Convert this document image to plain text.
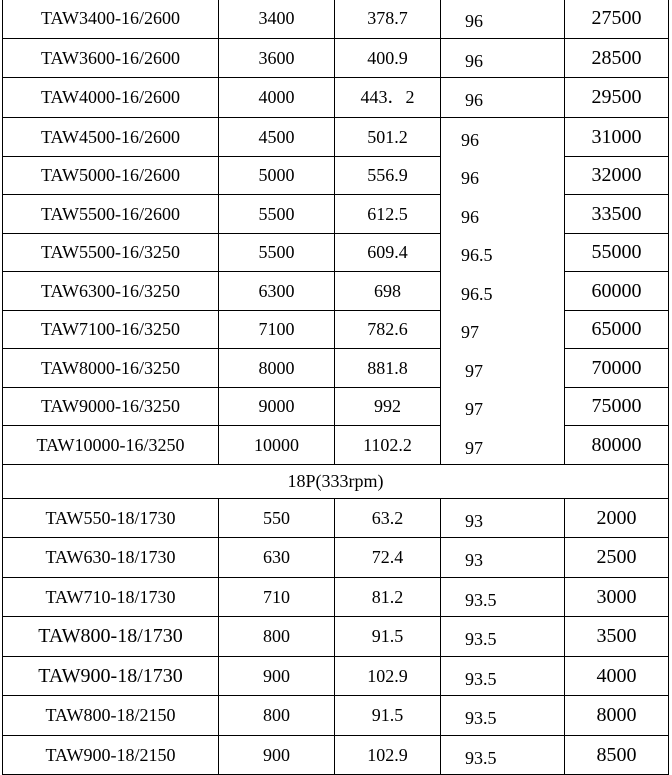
TAW3400-16/2600	3400	378.7	96	27500
TAW3600-16/2600	3600	400.9	96	28500
TAW4000-16/2600	4000	443．2	96	29500
TAW4500-16/2600	4500	501.2	96	31000
TAW5000-16/2600	5000	556.9	96	32000
TAW5500-16/2600	5500	612.5	96	33500
TAW5500-16/3250	5500	609.4	96.5	55000
TAW6300-16/3250	6300	698	96.5	60000
TAW7100-16/3250	7100	782.6	97	65000
TAW8000-16/3250	8000	881.8	97	70000
TAW9000-16/3250	9000	992	97	75000
TAW10000-16/3250	10000	1102.2	97	80000
18P(333rpm)				
TAW550-18/1730	550	63.2	93	2000
TAW630-18/1730	630	72.4	93	2500
TAW710-18/1730	710	81.2	93.5	3000
TAW800-18/1730	800	91.5	93.5	3500
TAW900-18/1730	900	102.9	93.5	4000
TAW800-18/2150	800	91.5	93.5	8000
TAW900-18/2150	900	102.9	93.5	8500
